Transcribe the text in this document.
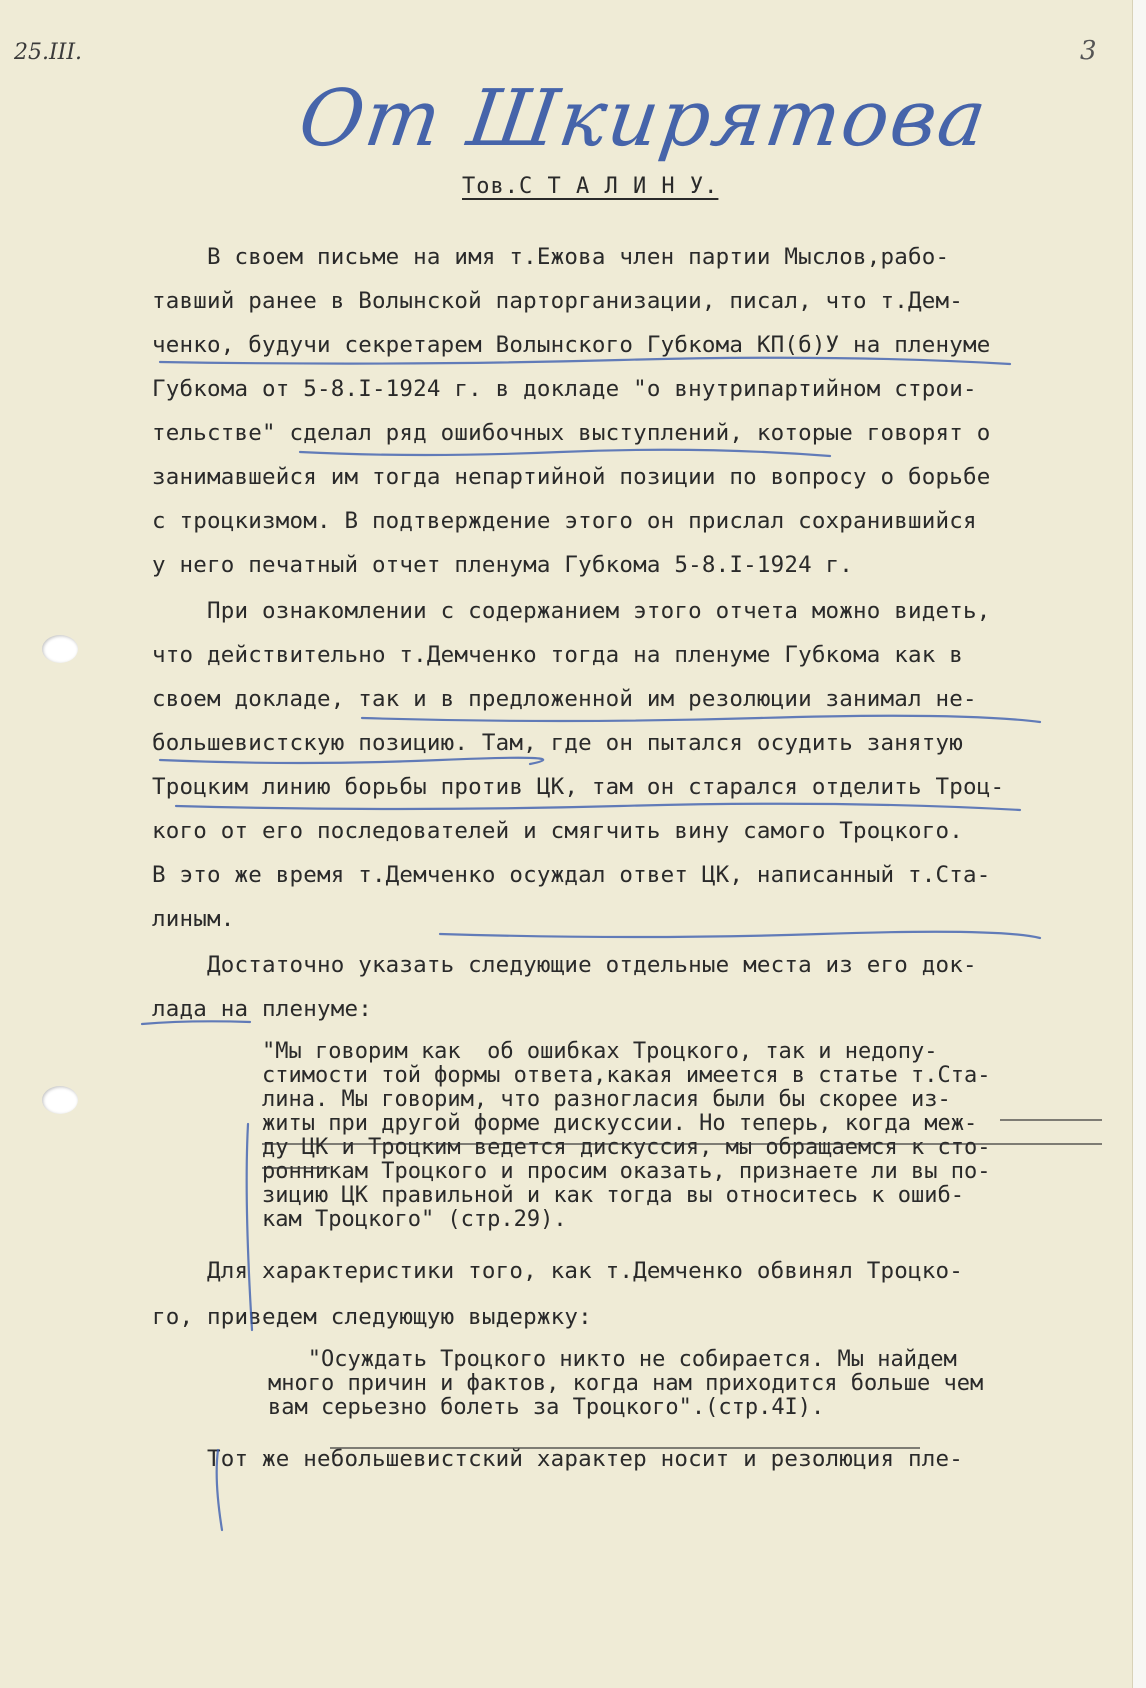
25.III.	3
От Шкирятова
Тов.С Т А Л И Н У.
В своем письме на имя т.Ежова член партии Мыслов,рабо-
тавший ранее в Волынской парторганизации, писал, что т.Дем-
ченко, будучи секретарем Волынского Губкома КП(б)У на пленуме
Губкома от 5-8.I-1924 г. в докладе "о внутрипартийном строи-
тельстве" сделал ряд ошибочных выступлений, которые говорят о
занимавшейся им тогда непартийной позиции по вопросу о борьбе
с троцкизмом. В подтверждение этого он прислал сохранившийся
у него печатный отчет пленума Губкома 5-8.I-1924 г.
При ознакомлении с содержанием этого отчета можно видеть,
что действительно т.Демченко тогда на пленуме Губкома как в
своем докладе, так и в предложенной им резолюции занимал не-
большевистскую позицию. Там, где он пытался осудить занятую
Троцким линию борьбы против ЦК, там он старался отделить Троц-
кого от его последователей и смягчить вину самого Троцкого.
В это же время т.Демченко осуждал ответ ЦК, написанный т.Ста-
линым.
Достаточно указать следующие отдельные места из его док-
лада на пленуме:
"Мы говорим как  об ошибках Троцкого, так и недопу-
стимости той формы ответа,какая имеется в статье т.Ста-
лина. Мы говорим, что разногласия были бы скорее из-
житы при другой форме дискуссии. Но теперь, когда меж-
ду ЦК и Троцким ведется дискуссия, мы обращаемся к сто-
ронникам Троцкого и просим оказать, признаете ли вы по-
зицию ЦК правильной и как тогда вы относитесь к ошиб-
кам Троцкого" (стр.29).
Для характеристики того, как т.Демченко обвинял Троцко-
го, приведем следующую выдержку:
"Осуждать Троцкого никто не собирается. Мы найдем
много причин и фактов, когда нам приходится больше чем
вам серьезно болеть за Троцкого".(стр.4I).
Тот же небольшевистский характер носит и резолюция пле-
